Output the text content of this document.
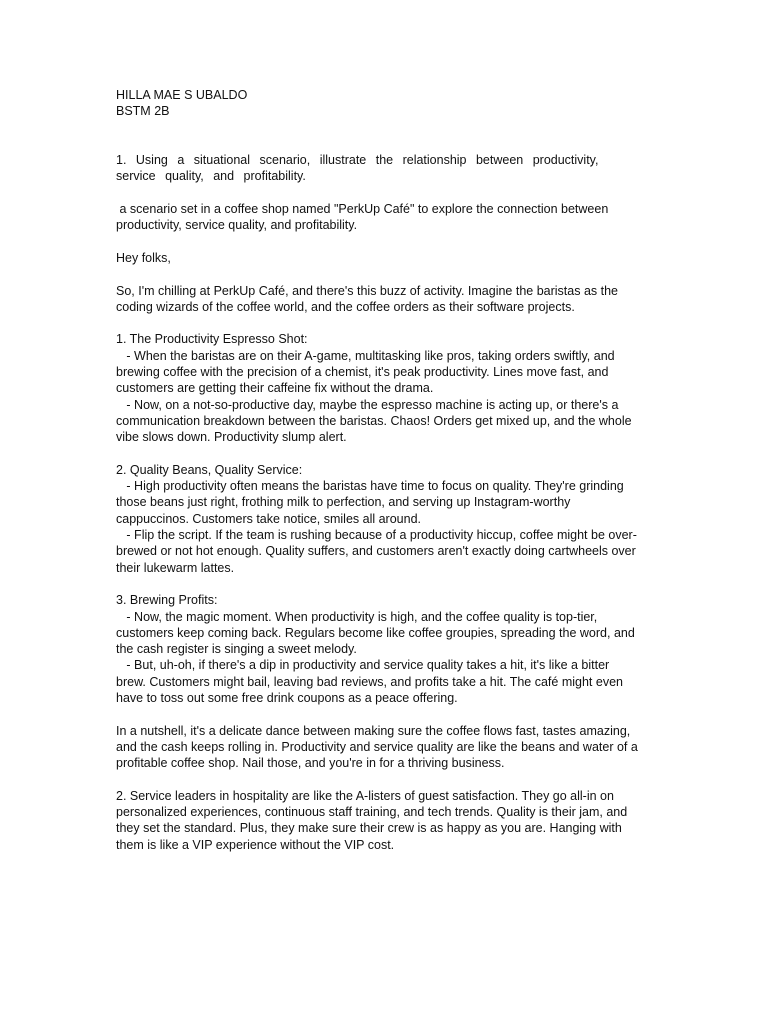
HILLA MAE S UBALDO

BSTM 2B

1. Using a situational scenario, illustrate the relationship between productivity,

service quality, and profitability.

a scenario set in a coffee shop named "PerkUp Café" to explore the connection between

productivity, service quality, and profitability.

Hey folks,

So, I'm chilling at PerkUp Café, and there's this buzz of activity. Imagine the baristas as the

coding wizards of the coffee world, and the coffee orders as their software projects.

1. The Productivity Espresso Shot:

- When the baristas are on their A-game, multitasking like pros, taking orders swiftly, and

brewing coffee with the precision of a chemist, it's peak productivity. Lines move fast, and

customers are getting their caffeine fix without the drama.

- Now, on a not-so-productive day, maybe the espresso machine is acting up, or there's a

communication breakdown between the baristas. Chaos! Orders get mixed up, and the whole

vibe slows down. Productivity slump alert.

2. Quality Beans, Quality Service:

- High productivity often means the baristas have time to focus on quality. They're grinding

those beans just right, frothing milk to perfection, and serving up Instagram-worthy

cappuccinos. Customers take notice, smiles all around.

- Flip the script. If the team is rushing because of a productivity hiccup, coffee might be over-

brewed or not hot enough. Quality suffers, and customers aren't exactly doing cartwheels over

their lukewarm lattes.

3. Brewing Profits:

- Now, the magic moment. When productivity is high, and the coffee quality is top-tier,

customers keep coming back. Regulars become like coffee groupies, spreading the word, and

the cash register is singing a sweet melody.

- But, uh-oh, if there's a dip in productivity and service quality takes a hit, it's like a bitter

brew. Customers might bail, leaving bad reviews, and profits take a hit. The café might even

have to toss out some free drink coupons as a peace offering.

In a nutshell, it's a delicate dance between making sure the coffee flows fast, tastes amazing,

and the cash keeps rolling in. Productivity and service quality are like the beans and water of a

profitable coffee shop. Nail those, and you're in for a thriving business.

2. Service leaders in hospitality are like the A-listers of guest satisfaction. They go all-in on

personalized experiences, continuous staff training, and tech trends. Quality is their jam, and

they set the standard. Plus, they make sure their crew is as happy as you are. Hanging with

them is like a VIP experience without the VIP cost.
